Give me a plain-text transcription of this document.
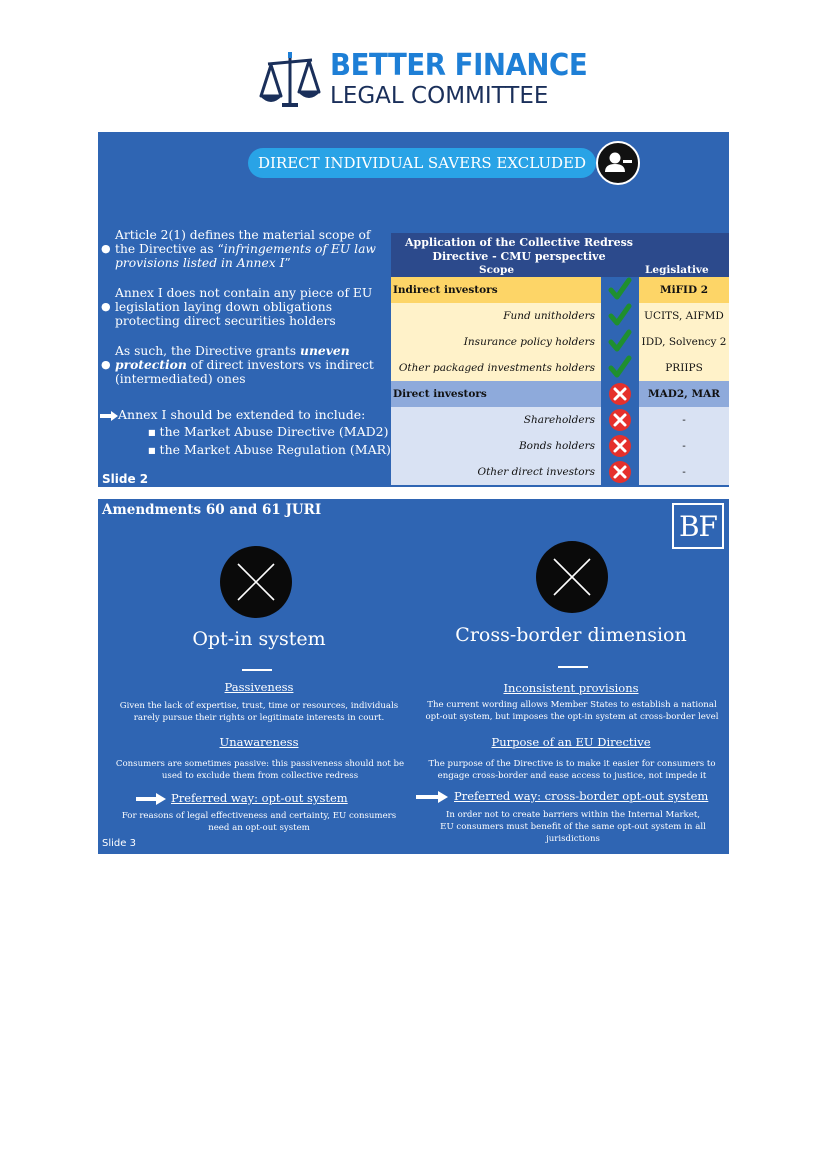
BETTER FINANCE
LEGAL COMMITTEE
DIRECT INDIVIDUAL SAVERS EXCLUDED
●
Article 2(1) defines the material scope of the Directive as “infringements of EU law provisions listed in Annex I”
●
Annex I does not contain any piece of EU legislation laying down obligations protecting direct securities holders
●
As such, the Directive grants uneven protection of direct investors vs indirect (intermediated) ones
Annex I should be extended to include:
■ the Market Abuse Directive (MAD2)
■ the Market Abuse Regulation (MAR)
Slide 2
Application of the Collective Redress Directive - CMU perspective
Scope	Legislative
Indirect investors	MiFID 2
Fund unitholders	UCITS, AIFMD
Insurance policy holders	IDD, Solvency 2
Other packaged investments holders	PRIIPS
Direct investors	MAD2, MAR
Shareholders	-
Bonds holders	-
Other direct investors	-
Amendments 60 and 61 JURI	BF
Opt-in system
Passiveness
Given the lack of expertise, trust, time or resources, individuals rarely pursue their rights or legitimate interests in court.
Unawareness
Consumers are sometimes passive: this passiveness should not be used to exclude them from collective redress
Preferred way: opt-out system
For reasons of legal effectiveness and certainty, EU consumers need an opt-out system
Slide 3
Cross-border dimension
Inconsistent provisions
The current wording allows Member States to establish a national opt-out system, but imposes the opt-in system at cross-border level
Purpose of an EU Directive
The purpose of the Directive is to make it easier for consumers to engage cross-border and ease access to justice, not impede it
Preferred way: cross-border opt-out system
In order not to create barriers within the Internal Market, EU consumers must benefit of the same opt-out system in all jurisdictions
